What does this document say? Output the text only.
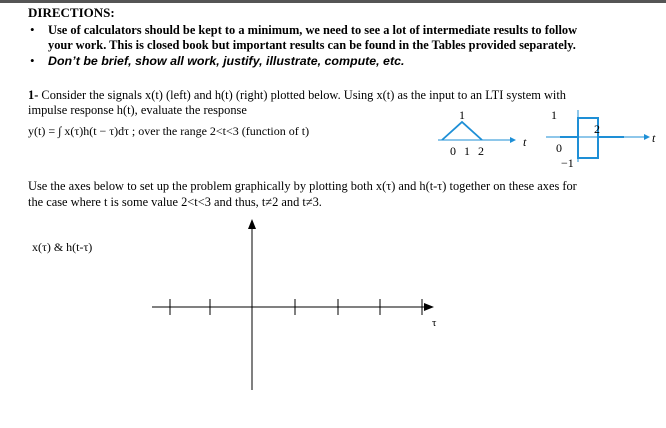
DIRECTIONS:
• Use of calculators should be kept to a minimum, we need to see a lot of intermediate results to follow
your work. This is closed book but important results can be found in the Tables provided separately.
• Don’t be brief, show all work, justify, illustrate, compute, etc.
1- Consider the signals x(t) (left) and h(t) (right) plotted below. Using x(t) as the input to an LTI system with
impulse response h(t), evaluate the response
y(t) = ∫ x(τ)h(t − τ)dτ ; over the range 2<t<3 (function of t)
1
0 1 2
t
1
2
0
−1
t
Use the axes below to set up the problem graphically by plotting both x(τ) and h(t-τ) together on these axes for
the case where t is some value 2<t<3 and thus, t≠2 and t≠3.
x(τ) & h(t-τ)
τ
